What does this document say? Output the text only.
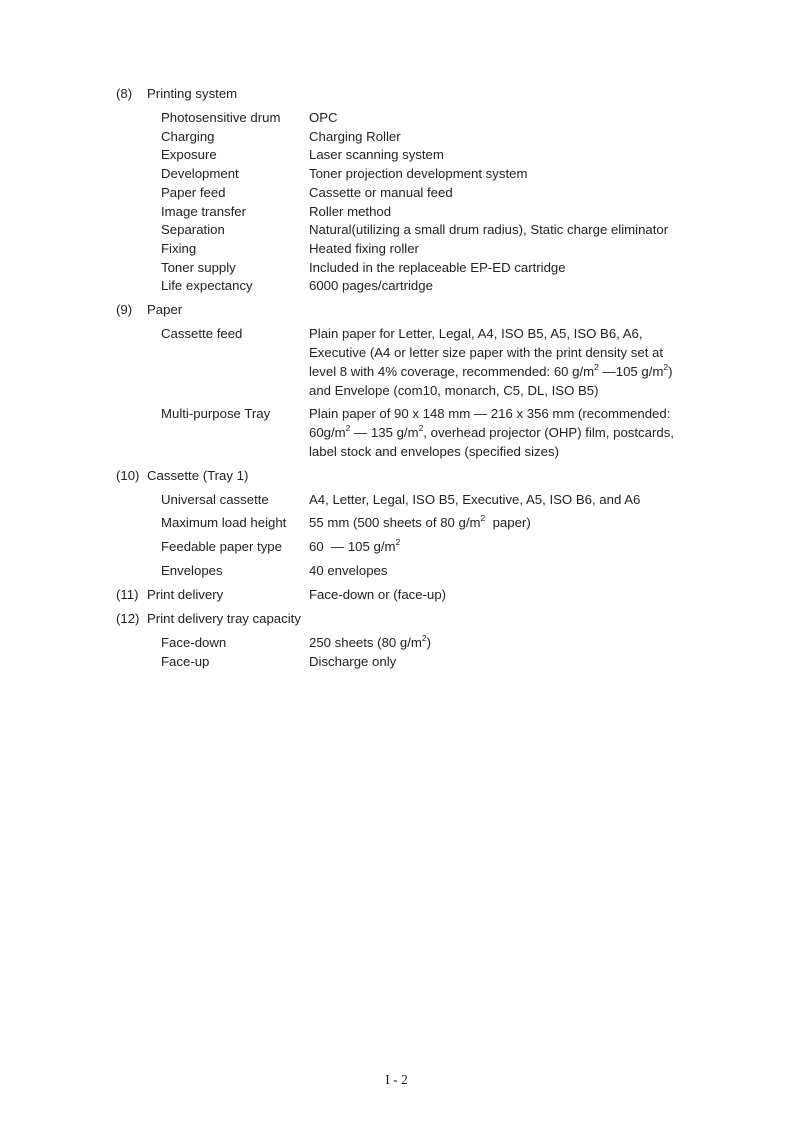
(8) Printing system
Photosensitive drum OPC
Charging	Charging Roller
Exposure	Laser scanning system
Development	Toner projection development system
Paper feed	Cassette or manual feed
Image transfer	Roller method
Separation	Natural(utilizing a small drum radius), Static charge eliminator
Fixing	Heated fixing roller
Toner supply	Included in the replaceable EP-ED cartridge
Life expectancy	6000 pages/cartridge
(9) Paper
Cassette feed	Plain paper for Letter, Legal, A4, ISO B5, A5, ISO B6, A6,
Executive (A4 or letter size paper with the print density set at
level 8 with 4% coverage, recommended: 60 $g/m^2$ —105 $g/m^2$)
and Envelope (com10, monarch, C5, DL, ISO B5)
Multi-purpose Tray	Plain paper of 90 x 148 mm — 216 x 356 mm (recommended:
$60g/m^2$ — 135 $g/m^2$, overhead projector (OHP) film, postcards,
label stock and envelopes (specified sizes)
(10) Cassette (Tray 1)
Universal cassette	A4, Letter, Legal, ISO B5, Executive, A5, ISO B6, and A6
Maximum load height 55 mm (500 sheets of 80 $g/m^2$  paper)
Feedable paper type 60  — 105 $g/m^2$
Envelopes	40 envelopes
(11) Print delivery	Face-down or (face-up)
(12) Print delivery tray capacity
Face-down	250 sheets (80 $g/m^2$)
Face-up	Discharge only
I - 2
